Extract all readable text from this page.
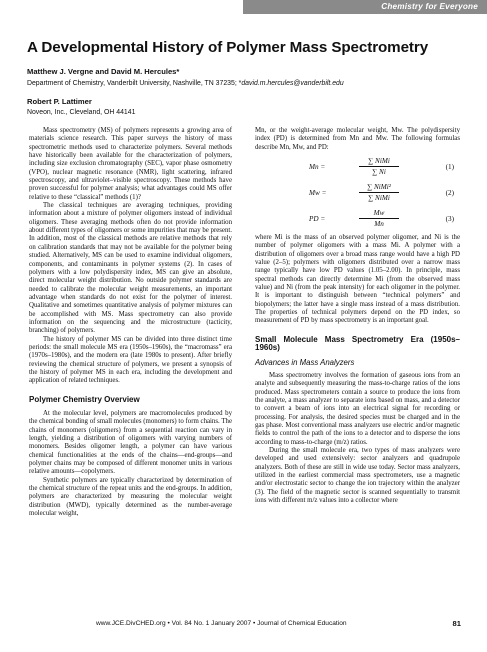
Chemistry for Everyone
A Developmental History of Polymer Mass Spectrometry
Matthew J. Vergne and David M. Hercules*
Department of Chemistry, Vanderbilt University, Nashville, TN 37235; *david.m.hercules@vanderbilt.edu
Robert P. Lattimer
Noveon, Inc., Cleveland, OH 44141

Mass spectrometry (MS) of polymers represents a growing area of materials science research. This paper surveys the history of mass spectrometric methods used to characterize polymers. Several methods have historically been available for the characterization of polymers, including size exclusion chromatography (SEC), vapor phase osmometry (VPO), nuclear magnetic resonance (NMR), light scattering, infrared spectroscopy, and ultraviolet–visible spectroscopy. These methods have proven successful for polymer analysis; what advantages could MS offer relative to these “classical” methods (1)?

The classical techniques are averaging techniques, providing information about a mixture of polymer oligomers instead of individual oligomers. These averaging methods often do not provide information about different types of oligomers or some impurities that may be present. In addition, most of the classical methods are relative methods that rely on calibration standards that may not be available for the polymer being studied. Alternatively, MS can be used to examine individual oligomers, components, and contaminants in polymer systems (2). In cases of polymers with a low polydispersity index, MS can give an absolute, direct molecular weight distribution. No outside polymer standards are needed to calibrate the molecular weight measurements, an important advantage when standards do not exist for the polymer of interest. Qualitative and sometimes quantitative analysis of polymer mixtures can be accomplished with MS. Mass spectrometry can also provide information on the sequencing and the microstructure (tacticity, branching) of polymers.

The history of polymer MS can be divided into three distinct time periods: the small molecule MS era (1950s–1960s), the “macromass” era (1970s–1980s), and the modern era (late 1980s to present). After briefly reviewing the chemical structure of polymers, we present a synopsis of the history of polymer MS in each era, including the development and application of related techniques.

Polymer Chemistry Overview

At the molecular level, polymers are macromolecules produced by the chemical bonding of small molecules (monomers) to form chains. The chains of monomers (oligomers) from a sequential reaction can vary in length, yielding a distribution of oligomers with varying numbers of monomers. Besides oligomer length, a polymer can have various chemical functionalities at the ends of the chains—end-groups—and polymer chains may be composed of different monomer units in various relative amounts—copolymers.

Synthetic polymers are typically characterized by determination of the chemical structure of the repeat units and the end-groups. In addition, polymers are characterized by measuring the molecular weight distribution (MWD), typically determined as the number-average molecular weight,

Mn, or the weight-average molecular weight, Mw. The polydispersity index (PD) is determined from Mn and Mw. The following formulas describe Mn, Mw, and PD:

Mn =
∑ NiMi
∑ Ni
(1)
Mw =
∑ NiMi²
∑ NiMi
(2)
PD =	$\frac{Mw}{Mn}$	(3)

where Mi is the mass of an observed polymer oligomer, and Ni is the number of polymer oligomers with a mass Mi. A polymer with a distribution of oligomers over a broad mass range would have a high PD value (2–5); polymers with oligomers distributed over a narrow mass range typically have low PD values (1.05–2.00). In principle, mass spectral methods can directly determine Mi (from the observed mass value) and Ni (from the peak intensity) for each oligomer in the polymer. It is important to distinguish between “technical polymers” and biopolymers; the latter have a single mass instead of a mass distribution. The properties of technical polymers depend on the PD index, so measurement of PD by mass spectrometry is an important goal.

Small Molecule Mass Spectrometry Era (1950s–1960s)
Advances in Mass Analyzers

Mass spectrometry involves the formation of gaseous ions from an analyte and subsequently measuring the mass-to-charge ratios of the ions produced. Mass spectrometers contain a source to produce the ions from the analyte, a mass analyzer to separate ions based on mass, and a detector to convert a beam of ions into an electrical signal for recording or processing. For analysis, the desired species must be charged and in the gas phase. Most conventional mass analyzers use electric and/or magnetic fields to control the path of the ions to a detector and to disperse the ions according to mass-to-charge (m/z) ratios.

During the small molecule era, two types of mass analyzers were developed and used extensively: sector analyzers and quadrupole analyzers. Both of these are still in wide use today. Sector mass analyzers, utilized in the earliest commercial mass spectrometers, use a magnetic and/or electrostatic sector to change the ion trajectory within the analyzer (3). The field of the magnetic sector is scanned sequentially to transmit ions with different m/z values into a collector where

www.JCE.DivCHED.org • Vol. 84 No. 1 January 2007 • Journal of Chemical Education	81
